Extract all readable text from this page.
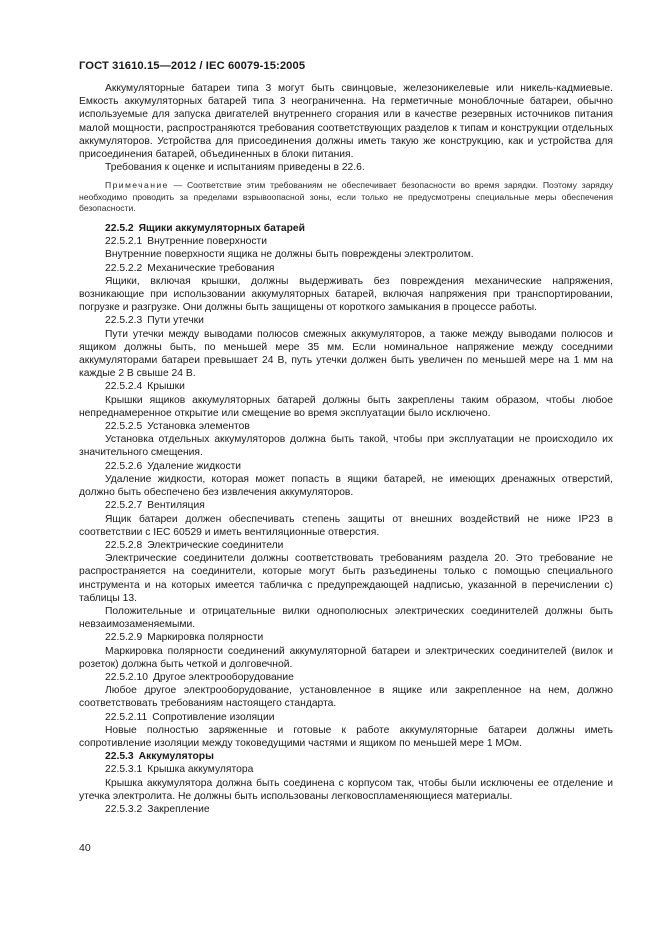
ГОСТ 31610.15—2012 / IEC 60079-15:2005

Аккумуляторные батареи типа 3 могут быть свинцовые, железоникелевые или никель-кадмиевые. Емкость аккумуляторных батарей типа 3 неограниченна. На герметичные моноблочные батареи, обычно используемые для запуска двигателей внутреннего сгорания или в качестве резервных источников питания малой мощности, распространяются требования соответствующих разделов к типам и конструкции отдельных аккумуляторов. Устройства для присоединения должны иметь такую же конструкцию, как и устройства для присоединения батарей, объединенных в блоки питания.

Требования к оценке и испытаниям приведены в 22.6.

Примечание — Соответствие этим требованиям не обеспечивает безопасности во время зарядки. Поэтому зарядку необходимо проводить за пределами взрывоопасной зоны, если только не предусмотрены специальные меры обеспечения безопасности.

22.5.2 Ящики аккумуляторных батарей
22.5.2.1 Внутренние поверхности

Внутренние поверхности ящика не должны быть повреждены электролитом.

22.5.2.2 Механические требования

Ящики, включая крышки, должны выдерживать без повреждения механические напряжения, возникающие при использовании аккумуляторных батарей, включая напряжения при транспортировании, погрузке и разгрузке. Они должны быть защищены от короткого замыкания в процессе работы.

22.5.2.3 Пути утечки

Пути утечки между выводами полюсов смежных аккумуляторов, а также между выводами полюсов и ящиком должны быть, по меньшей мере 35 мм. Если номинальное напряжение между соседними аккумуляторами батареи превышает 24 В, путь утечки должен быть увеличен по меньшей мере на 1 мм на каждые 2 В свыше 24 В.

22.5.2.4 Крышки

Крышки ящиков аккумуляторных батарей должны быть закреплены таким образом, чтобы любое непреднамеренное открытие или смещение во время эксплуатации было исключено.

22.5.2.5 Установка элементов

Установка отдельных аккумуляторов должна быть такой, чтобы при эксплуатации не происходило их значительного смещения.

22.5.2.6 Удаление жидкости

Удаление жидкости, которая может попасть в ящики батарей, не имеющих дренажных отверстий, должно быть обеспечено без извлечения аккумуляторов.

22.5.2.7 Вентиляция

Ящик батареи должен обеспечивать степень защиты от внешних воздействий не ниже IP23 в соответствии с IEC 60529 и иметь вентиляционные отверстия.

22.5.2.8 Электрические соединители

Электрические соединители должны соответствовать требованиям раздела 20. Это требование не распространяется на соединители, которые могут быть разъединены только с помощью специального инструмента и на которых имеется табличка с предупреждающей надписью, указанной в перечислении с) таблицы 13.

Положительные и отрицательные вилки однополюсных электрических соединителей должны быть невзаимозаменяемыми.

22.5.2.9 Маркировка полярности

Маркировка полярности соединений аккумуляторной батареи и электрических соединителей (вилок и розеток) должна быть четкой и долговечной.

22.5.2.10 Другое электрооборудование

Любое другое электрооборудование, установленное в ящике или закрепленное на нем, должно соответствовать требованиям настоящего стандарта.

22.5.2.11 Сопротивление изоляции

Новые полностью заряженные и готовые к работе аккумуляторные батареи должны иметь сопротивление изоляции между токоведущими частями и ящиком по меньшей мере 1 МОм.

22.5.3 Аккумуляторы
22.5.3.1 Крышка аккумулятора

Крышка аккумулятора должна быть соединена с корпусом так, чтобы были исключены ее отделение и утечка электролита. Не должны быть использованы легковоспламеняющиеся материалы.

22.5.3.2 Закрепление
40
